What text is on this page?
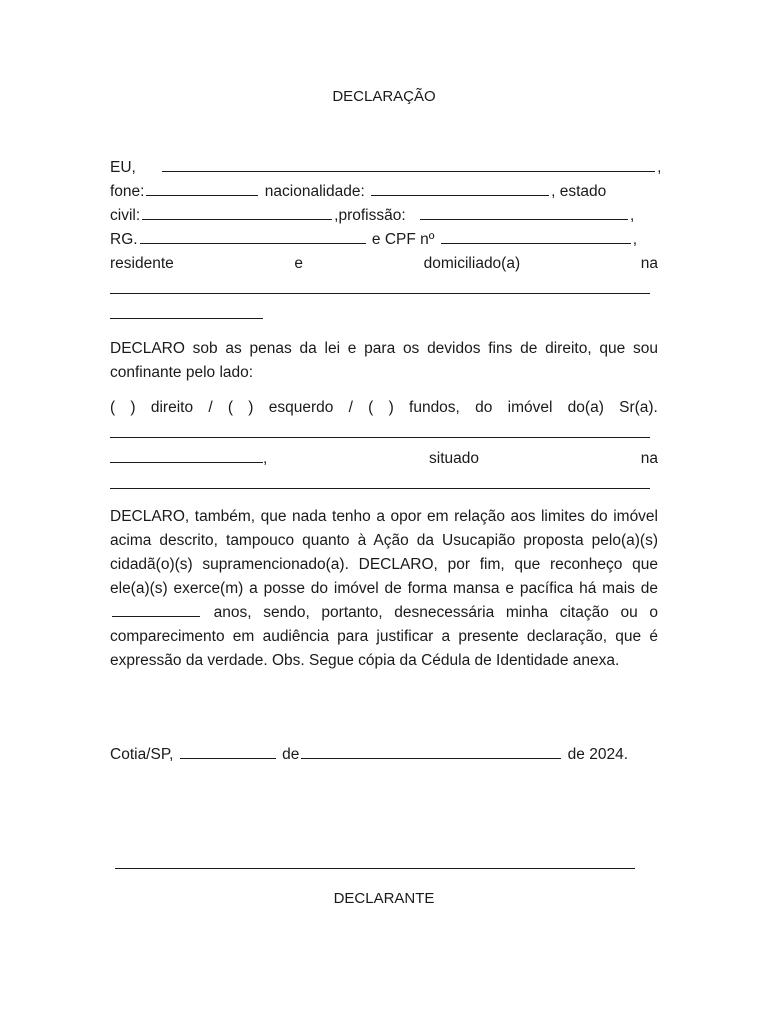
DECLARAÇÃO
EU,	,
fone:	nacionalidade:	, estado
civil:	,profissão:	,
RG.	e CPF nº	,
residente	e	domiciliado(a)	na
DECLARO sob as penas da lei e para os devidos fins de direito, que sou confinante pelo lado:
( ) direito / ( ) esquerdo / ( ) fundos, do imóvel do(a) Sr(a).
,	situado	na
DECLARO, também, que nada tenho a opor em relação aos limites do imóvel acima descrito, tampouco quanto à Ação da Usucapião proposta pelo(a)(s) cidadã(o)(s) supramencionado(a). DECLARO, por fim, que reconheço que ele(a)(s) exerce(m) a posse do imóvel de forma mansa e pacífica há mais de  anos, sendo, portanto, desnecessária minha citação ou o comparecimento em audiência para justificar a presente declaração, que é expressão da verdade. Obs. Segue cópia da Cédula de Identidade anexa.
Cotia/SP,	de	de 2024.
DECLARANTE
